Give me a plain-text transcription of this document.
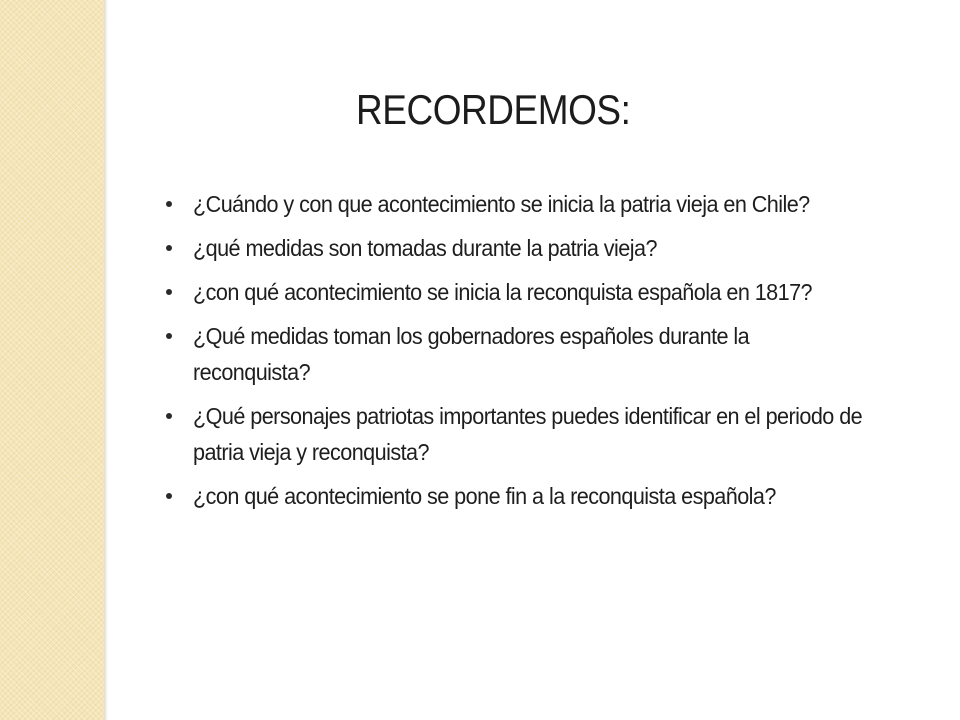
RECORDEMOS:
¿Cuándo y con que acontecimiento se inicia la patria vieja en Chile?
¿qué medidas son tomadas durante la patria vieja?
¿con qué acontecimiento se inicia la reconquista española en 1817?
¿Qué medidas toman los gobernadores españoles durante la reconquista?
¿Qué personajes patriotas importantes puedes identificar en el periodo de patria vieja y reconquista?
¿con qué acontecimiento se pone fin a la reconquista española?
